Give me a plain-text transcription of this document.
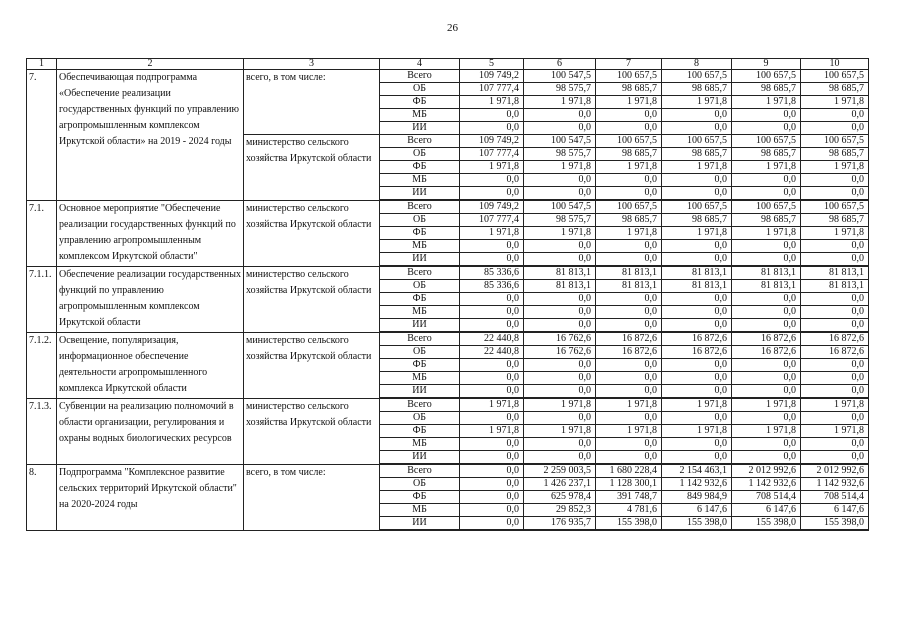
26
1	2	3	4	5	6	7	8	9	10
7.	Обеспечивающая подпрограмма «Обеспечение реализации государственных функций по управлению агропромышленным комплексом Иркутской области» на 2019 - 2024 годы	всего, в том числе:	Всего	109 749,2	100 547,5	100 657,5	100 657,5	100 657,5	100 657,5
			ОБ	107 777,4	98 575,7	98 685,7	98 685,7	98 685,7	98 685,7
			ФБ	1 971,8	1 971,8	1 971,8	1 971,8	1 971,8	1 971,8
			МБ	0,0	0,0	0,0	0,0	0,0	0,0
			ИИ	0,0	0,0	0,0	0,0	0,0	0,0
		министерство сельского хозяйства Иркутской области	Всего	109 749,2	100 547,5	100 657,5	100 657,5	100 657,5	100 657,5
			ОБ	107 777,4	98 575,7	98 685,7	98 685,7	98 685,7	98 685,7
			ФБ	1 971,8	1 971,8	1 971,8	1 971,8	1 971,8	1 971,8
			МБ	0,0	0,0	0,0	0,0	0,0	0,0
			ИИ	0,0	0,0	0,0	0,0	0,0	0,0
7.1.	Основное мероприятие "Обеспечение реализации государственных функций по управлению агропромышленным комплексом Иркутской области"	министерство сельского хозяйства Иркутской области	Всего	109 749,2	100 547,5	100 657,5	100 657,5	100 657,5	100 657,5
			ОБ	107 777,4	98 575,7	98 685,7	98 685,7	98 685,7	98 685,7
			ФБ	1 971,8	1 971,8	1 971,8	1 971,8	1 971,8	1 971,8
			МБ	0,0	0,0	0,0	0,0	0,0	0,0
			ИИ	0,0	0,0	0,0	0,0	0,0	0,0
7.1.1.	Обеспечение реализации государственных функций по управлению агропромышленным комплексом Иркутской области	министерство сельского хозяйства Иркутской области	Всего	85 336,6	81 813,1	81 813,1	81 813,1	81 813,1	81 813,1
			ОБ	85 336,6	81 813,1	81 813,1	81 813,1	81 813,1	81 813,1
			ФБ	0,0	0,0	0,0	0,0	0,0	0,0
			МБ	0,0	0,0	0,0	0,0	0,0	0,0
			ИИ	0,0	0,0	0,0	0,0	0,0	0,0
7.1.2.	Освещение, популяризация, информационное обеспечение деятельности агропромышленного комплекса Иркутской области	министерство сельского хозяйства Иркутской области	Всего	22 440,8	16 762,6	16 872,6	16 872,6	16 872,6	16 872,6
			ОБ	22 440,8	16 762,6	16 872,6	16 872,6	16 872,6	16 872,6
			ФБ	0,0	0,0	0,0	0,0	0,0	0,0
			МБ	0,0	0,0	0,0	0,0	0,0	0,0
			ИИ	0,0	0,0	0,0	0,0	0,0	0,0
7.1.3.	Субвенции на реализацию полномочий в области организации, регулирования и охраны водных биологических ресурсов	министерство сельского хозяйства Иркутской области	Всего	1 971,8	1 971,8	1 971,8	1 971,8	1 971,8	1 971,8
			ОБ	0,0	0,0	0,0	0,0	0,0	0,0
			ФБ	1 971,8	1 971,8	1 971,8	1 971,8	1 971,8	1 971,8
			МБ	0,0	0,0	0,0	0,0	0,0	0,0
			ИИ	0,0	0,0	0,0	0,0	0,0	0,0
8.	Подпрограмма "Комплексное развитие сельских территорий Иркутской области" на 2020-2024 годы	всего, в том числе:	Всего	0,0	2 259 003,5	1 680 228,4	2 154 463,1	2 012 992,6	2 012 992,6
			ОБ	0,0	1 426 237,1	1 128 300,1	1 142 932,6	1 142 932,6	1 142 932,6
			ФБ	0,0	625 978,4	391 748,7	849 984,9	708 514,4	708 514,4
			МБ	0,0	29 852,3	4 781,6	6 147,6	6 147,6	6 147,6
			ИИ	0,0	176 935,7	155 398,0	155 398,0	155 398,0	155 398,0
